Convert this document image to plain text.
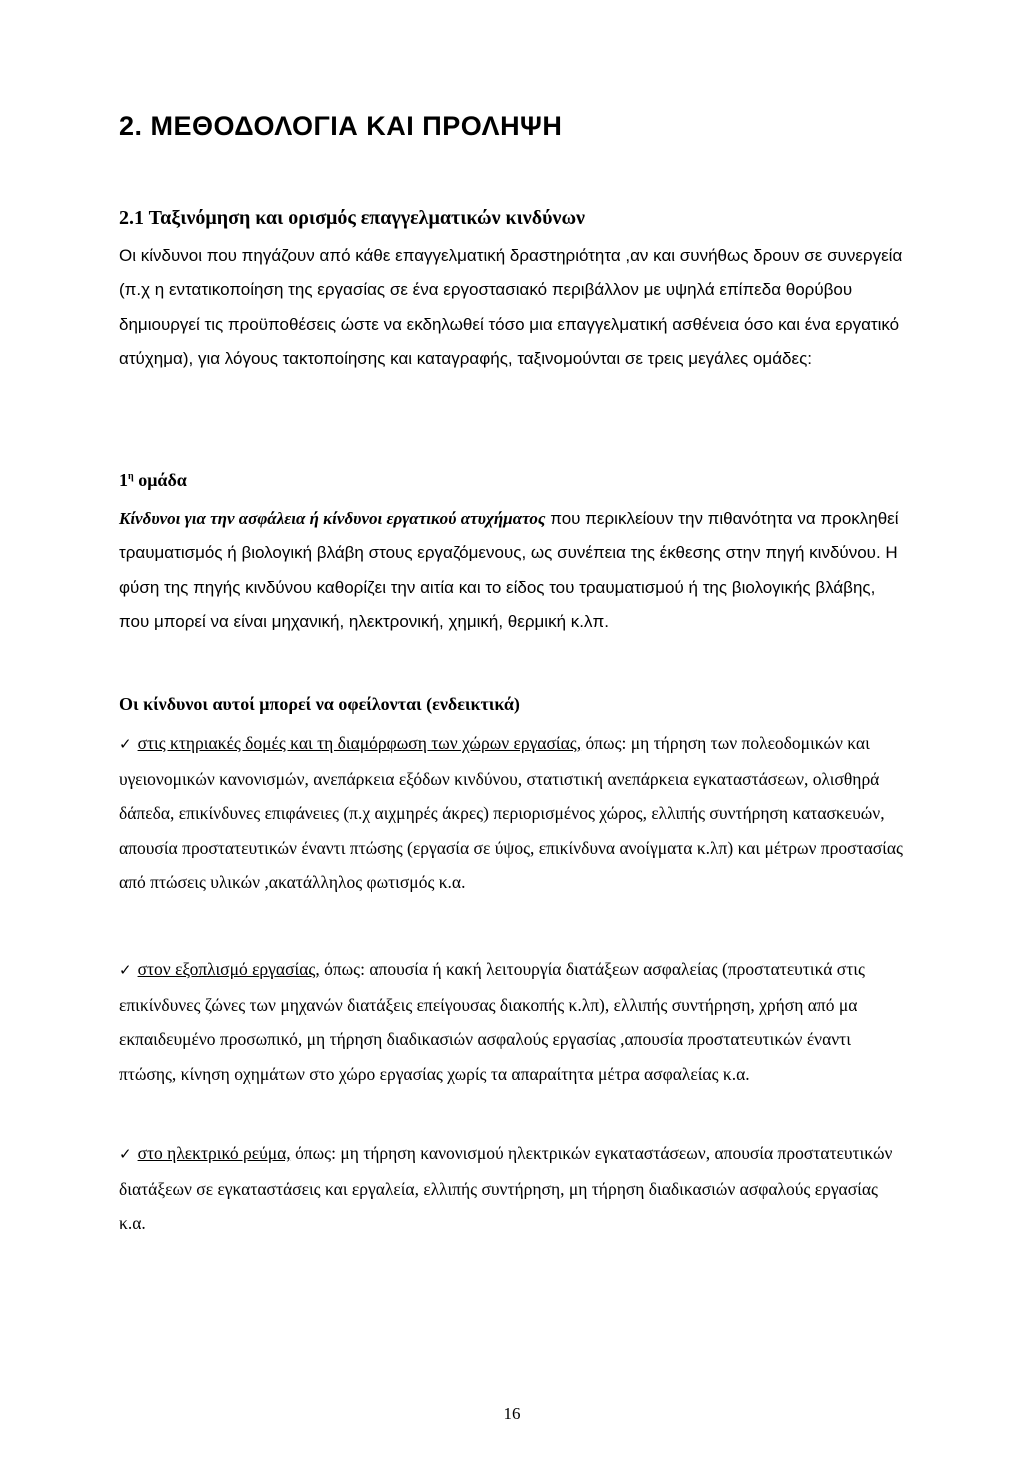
2. ΜΕΘΟΔΟΛΟΓΙΑ ΚΑΙ ΠΡΟΛΗΨΗ
2.1 Ταξινόμηση και ορισμός επαγγελματικών κινδύνων

Οι κίνδυνοι που πηγάζουν από κάθε επαγγελματική δραστηριότητα ,αν και συνήθως δρουν σε συνεργεία (π.χ η εντατικοποίηση της εργασίας σε ένα εργοστασιακό περιβάλλον με υψηλά επίπεδα θορύβου δημιουργεί τις προϋποθέσεις ώστε να εκδηλωθεί τόσο μια επαγγελματική ασθένεια όσο και ένα εργατικό ατύχημα), για λόγους τακτοποίησης και καταγραφής, ταξινομούνται σε τρεις μεγάλες ομάδες:

$1^\eta$ ομάδα

Κίνδυνοι για την ασφάλεια ή κίνδυνοι εργατικού ατυχήματος που περικλείουν την πιθανότητα να προκληθεί τραυματισμός ή βιολογική βλάβη στους εργαζόμενους, ως συνέπεια της έκθεσης στην πηγή κινδύνου. Η φύση της πηγής κινδύνου καθορίζει την αιτία και το είδος του τραυματισμού ή της βιολογικής βλάβης, που μπορεί να είναι μηχανική, ηλεκτρονική, χημική, θερμική κ.λπ.

Οι κίνδυνοι αυτοί μπορεί να οφείλονται (ενδεικτικά)

✓ στις κτηριακές δομές και τη διαμόρφωση των χώρων εργασίας, όπως: μη τήρηση των πολεοδομικών και υγειονομικών κανονισμών, ανεπάρκεια εξόδων κινδύνου, στατιστική ανεπάρκεια εγκαταστάσεων, ολισθηρά δάπεδα, επικίνδυνες επιφάνειες (π.χ αιχμηρές άκρες) περιορισμένος χώρος, ελλιπής συντήρηση κατασκευών, απουσία προστατευτικών έναντι πτώσης (εργασία σε ύψος, επικίνδυνα ανοίγματα κ.λπ) και μέτρων προστασίας από πτώσεις υλικών ,ακατάλληλος φωτισμός κ.α.

✓ στον εξοπλισμό εργασίας, όπως: απουσία ή κακή λειτουργία διατάξεων ασφαλείας (προστατευτικά στις επικίνδυνες ζώνες των μηχανών διατάξεις επείγουσας διακοπής κ.λπ), ελλιπής συντήρηση, χρήση από μα εκπαιδευμένο προσωπικό, μη τήρηση διαδικασιών ασφαλούς εργασίας ,απουσία προστατευτικών έναντι πτώσης, κίνηση οχημάτων στο χώρο εργασίας χωρίς τα απαραίτητα μέτρα ασφαλείας κ.α.

✓ στο ηλεκτρικό ρεύμα, όπως: μη τήρηση κανονισμού ηλεκτρικών εγκαταστάσεων, απουσία προστατευτικών διατάξεων σε εγκαταστάσεις και εργαλεία, ελλιπής συντήρηση, μη τήρηση διαδικασιών ασφαλούς εργασίας κ.α.

16
